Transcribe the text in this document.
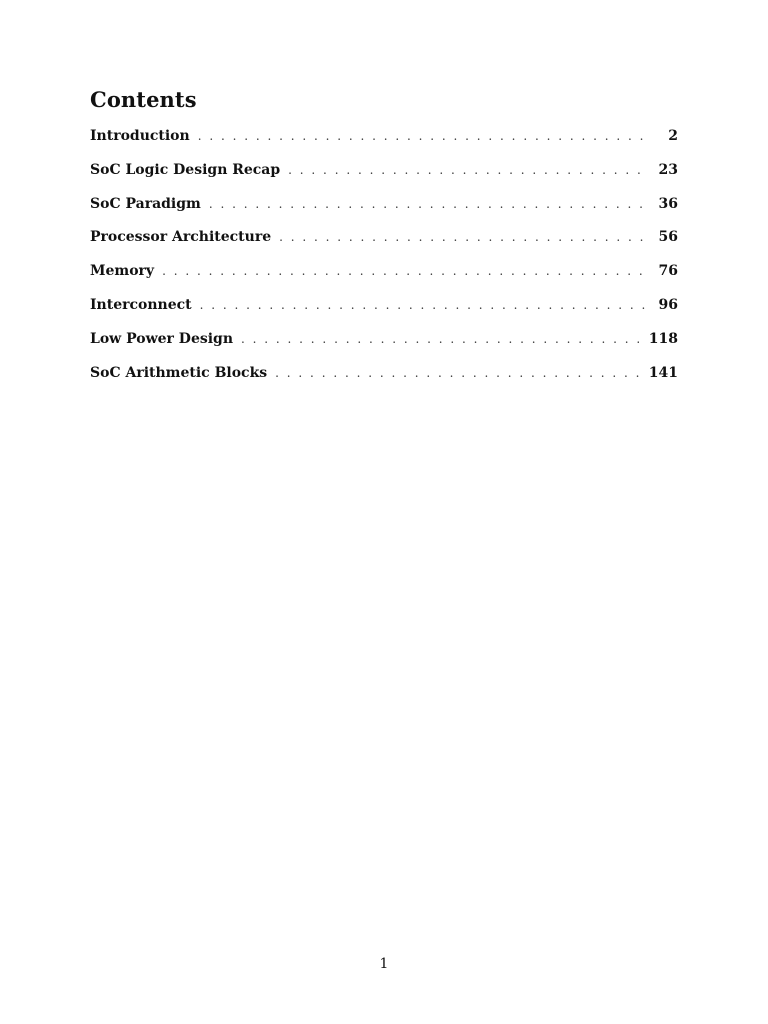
Contents
Introduction . . .	2
SoC Logic Design Recap . . .	23
SoC Paradigm . . .	36
Processor Architecture . . .	56
Memory . . .	76
Interconnect . . .	96
Low Power Design . . .	118
SoC Arithmetic Blocks . . .	141
1
